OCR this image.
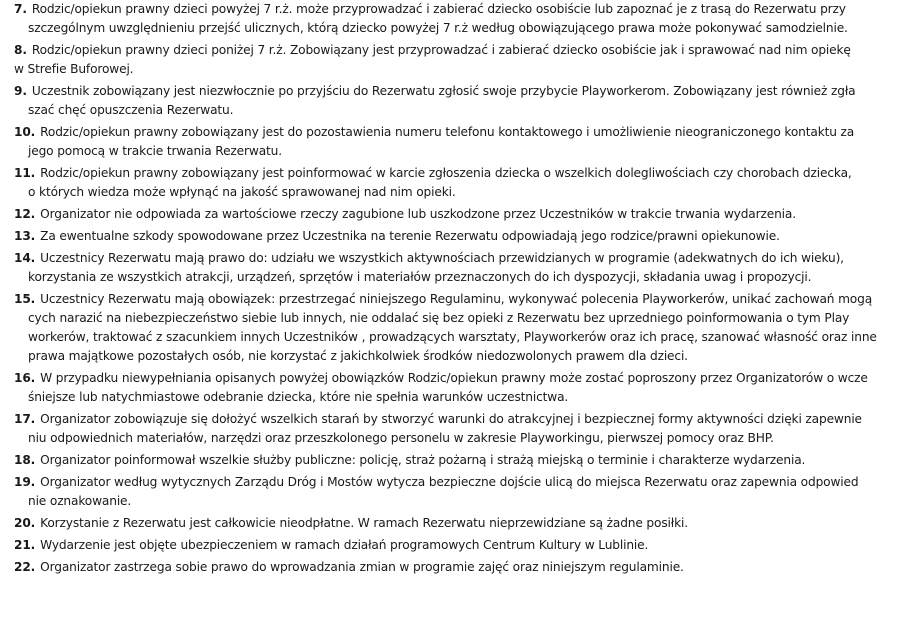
7. Rodzic/opiekun prawny dzieci powyżej 7 r.ż. może przyprowadzać i zabierać dziecko osobiście lub zapoznać je z trasą do Rezerwatu przy
szczególnym uwzględnieniu przejść ulicznych, którą dziecko powyżej 7 r.ż według obowiązującego prawa może pokonywać samodzielnie.
8. Rodzic/opiekun prawny dzieci poniżej 7 r.ż. Zobowiązany jest przyprowadzać i zabierać dziecko osobiście jak i sprawować nad nim opiekę
w Strefie Buforowej.
9. Uczestnik zobowiązany jest niezwłocznie po przyjściu do Rezerwatu zgłosić swoje przybycie Playworkerom. Zobowiązany jest również zgła
szać chęć opuszczenia Rezerwatu.
10. Rodzic/opiekun prawny zobowiązany jest do pozostawienia numeru telefonu kontaktowego i umożliwienie nieograniczonego kontaktu za
jego pomocą w trakcie trwania Rezerwatu.
11. Rodzic/opiekun prawny zobowiązany jest poinformować w karcie zgłoszenia dziecka o wszelkich dolegliwościach czy chorobach dziecka,
o których wiedza może wpłynąć na jakość sprawowanej nad nim opieki.
12. Organizator nie odpowiada za wartościowe rzeczy zagubione lub uszkodzone przez Uczestników w trakcie trwania wydarzenia.
13. Za ewentualne szkody spowodowane przez Uczestnika na terenie Rezerwatu odpowiadają jego rodzice/prawni opiekunowie.
14. Uczestnicy Rezerwatu mają prawo do: udziału we wszystkich aktywnościach przewidzianych w programie (adekwatnych do ich wieku),
korzystania ze wszystkich atrakcji, urządzeń, sprzętów i materiałów przeznaczonych do ich dyspozycji, składania uwag i propozycji.
15. Uczestnicy Rezerwatu mają obowiązek: przestrzegać niniejszego Regulaminu, wykonywać polecenia Playworkerów, unikać zachowań mogą
cych narazić na niebezpieczeństwo siebie lub innych, nie oddalać się bez opieki z Rezerwatu bez uprzedniego poinformowania o tym Play
workerów, traktować z szacunkiem innych Uczestników , prowadzących warsztaty, Playworkerów oraz ich pracę, szanować własność oraz inne
prawa majątkowe pozostałych osób, nie korzystać z jakichkolwiek środków niedozwolonych prawem dla dzieci.
16. W przypadku niewypełniania opisanych powyżej obowiązków Rodzic/opiekun prawny może zostać poproszony przez Organizatorów o wcze
śniejsze lub natychmiastowe odebranie dziecka, które nie spełnia warunków uczestnictwa.
17. Organizator zobowiązuje się dołożyć wszelkich starań by stworzyć warunki do atrakcyjnej i bezpiecznej formy aktywności dzięki zapewnie
niu odpowiednich materiałów, narzędzi oraz przeszkolonego personelu w zakresie Playworkingu, pierwszej pomocy oraz BHP.
18. Organizator poinformował wszelkie służby publiczne: policję, straż pożarną i strażą miejską o terminie i charakterze wydarzenia.
19. Organizator według wytycznych Zarządu Dróg i Mostów wytycza bezpieczne dojście ulicą do miejsca Rezerwatu oraz zapewnia odpowied
nie oznakowanie.
20. Korzystanie z Rezerwatu jest całkowicie nieodpłatne. W ramach Rezerwatu nieprzewidziane są żadne posiłki.
21. Wydarzenie jest objęte ubezpieczeniem w ramach działań programowych Centrum Kultury w Lublinie.
22. Organizator zastrzega sobie prawo do wprowadzania zmian w programie zajęć oraz niniejszym regulaminie.
